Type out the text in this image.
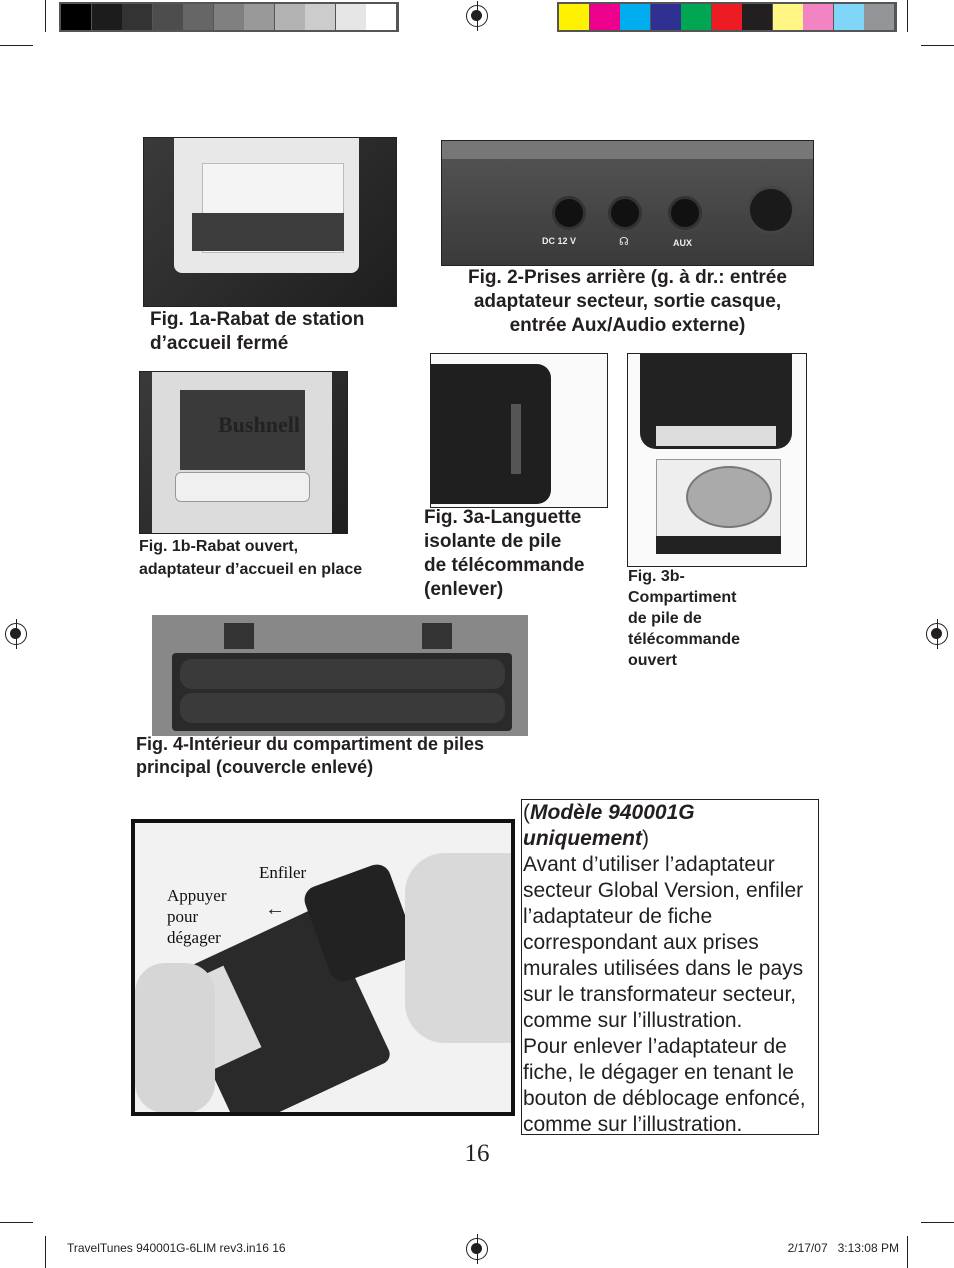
Fig. 1a-Rabat de station
d’accueil fermé
DC 12 V	☊	AUX
Fig. 2-Prises arrière (g. à dr.: entrée
adaptateur secteur, sortie casque,
entrée Aux/Audio externe)
Bushnell
Fig. 1b-Rabat ouvert,
adaptateur d’accueil en place
Fig. 3a-Languette
isolante de pile
de télécommande
(enlever)
Fig. 3b-
Compartiment
de pile de
télécommande
ouvert
Fig. 4-Intérieur du compartiment de piles
principal (couvercle enlevé)
Enfiler
←
Appuyer
pour
dégager
(Modèle 940001G uniquement)
Avant d’utiliser l’adaptateur secteur Global Version, enfiler l’adaptateur de fiche correspondant aux prises murales utilisées dans le pays sur le transformateur secteur, comme sur l’illustration.
Pour enlever l’adaptateur de fiche, le dégager en tenant le bouton de déblocage enfoncé, comme sur l’illustration.
16
TravelTunes 940001G-6LIM rev3.in16 16	2/17/07   3:13:08 PM
